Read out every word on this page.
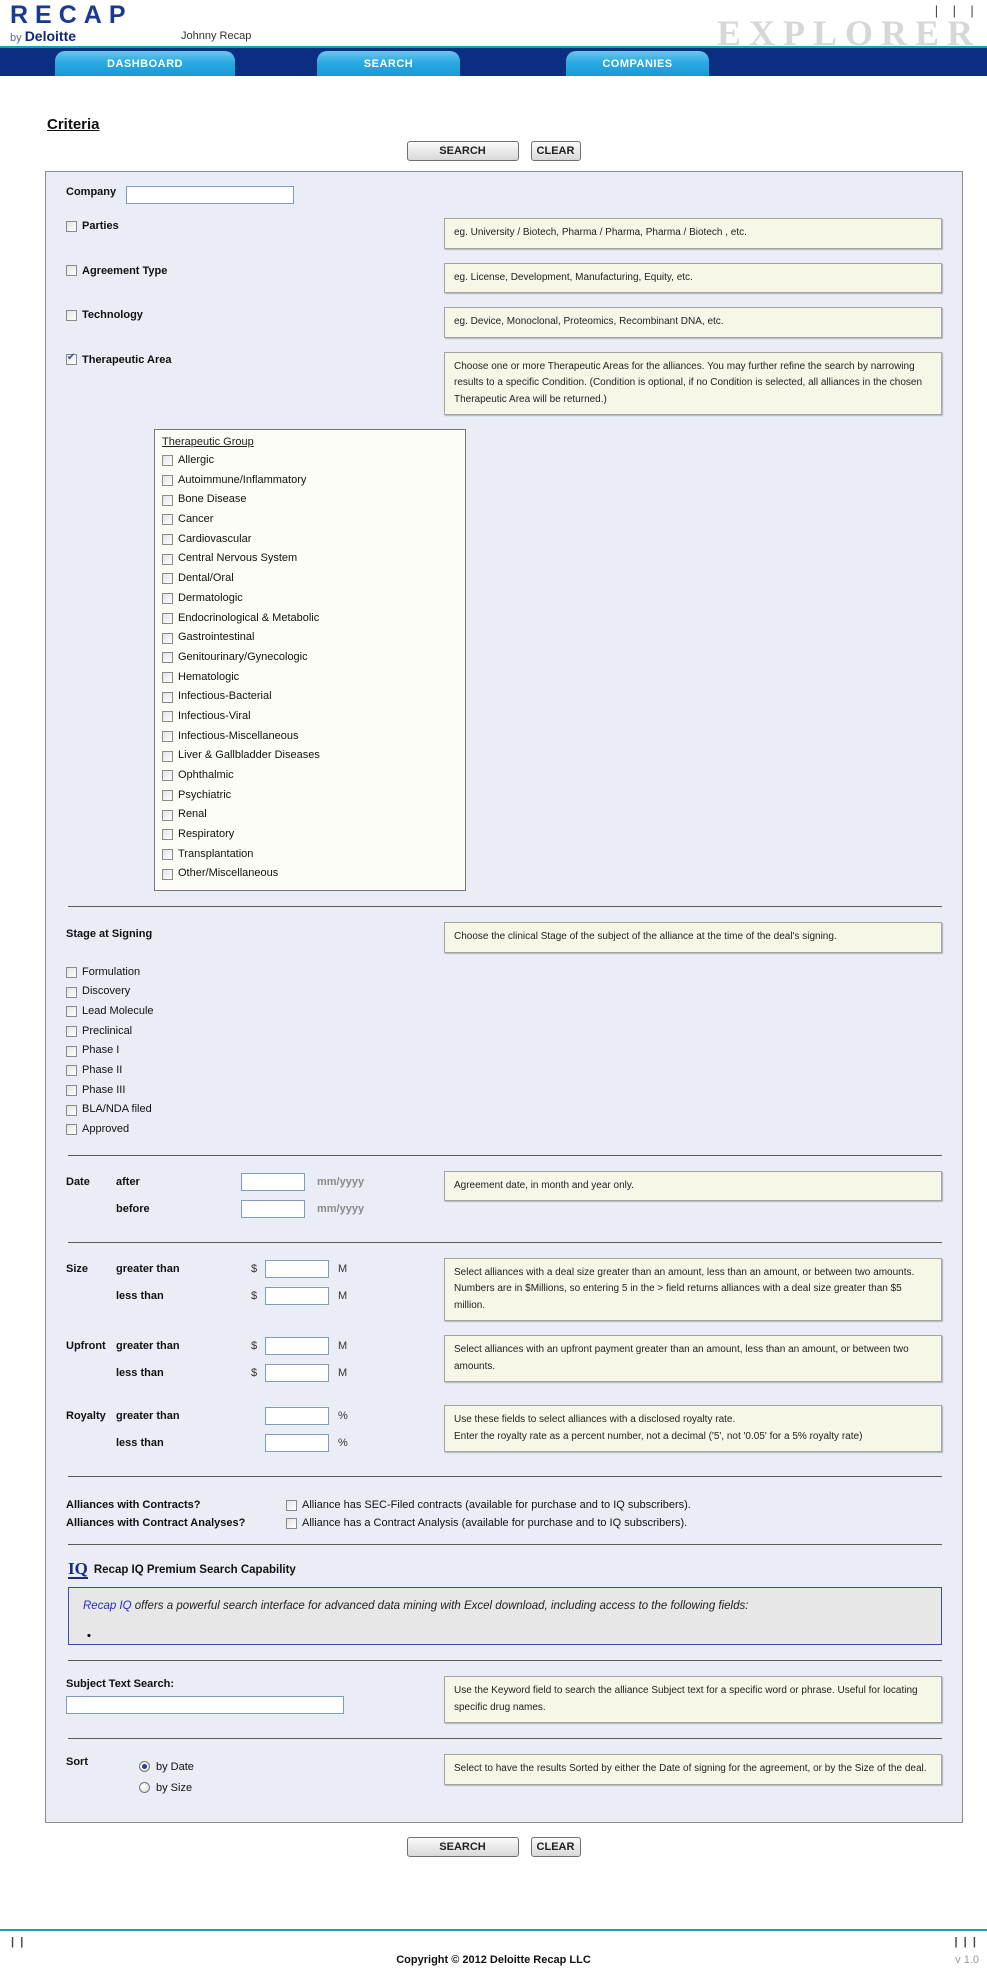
RECAP
by Deloitte	Johnny Recap	EXPLORER
|  |  |
DASHBOARD	SEARCH	COMPANIES
Criteria
SEARCH	CLEAR
Company
Parties
eg. University / Biotech, Pharma / Pharma, Pharma / Biotech , etc.
Agreement Type
eg. License, Development, Manufacturing, Equity, etc.
Technology
eg. Device, Monoclonal, Proteomics, Recombinant DNA, etc.
✔
Therapeutic Area
Choose one or more Therapeutic Areas for the alliances. You may further refine the search by narrowing results to a specific Condition. (Condition is optional, if no Condition is selected, all alliances in the chosen Therapeutic Area will be returned.)
Therapeutic Group
Allergic
Autoimmune/Inflammatory
Bone Disease
Cancer
Cardiovascular
Central Nervous System
Dental/Oral
Dermatologic
Endocrinological & Metabolic
Gastrointestinal
Genitourinary/Gynecologic
Hematologic
Infectious-Bacterial
Infectious-Viral
Infectious-Miscellaneous
Liver & Gallbladder Diseases
Ophthalmic
Psychiatric
Renal
Respiratory
Transplantation
Other/Miscellaneous
Stage at Signing	Choose the clinical Stage of the subject of the alliance at the time of the deal's signing.
Formulation
Discovery
Lead Molecule
Preclinical
Phase I
Phase II
Phase III
BLA/NDA filed
Approved
Date	after	mm/yyyy
before	mm/yyyy
Agreement date, in month and year only.
Size	greater than	$	M
less than	$	M
Select alliances with a deal size greater than an amount, less than an amount, or between two amounts. Numbers are in $Millions, so entering 5 in the > field returns alliances with a deal size greater than $5 million.
Upfront greater than	$	M
less than	$	M
Select alliances with an upfront payment greater than an amount, less than an amount, or between two amounts.
Royalty greater than	%
less than	%
Use these fields to select alliances with a disclosed royalty rate.
Enter the royalty rate as a percent number, not a decimal ('5', not '0.05' for a 5% royalty rate)
Alliances with Contracts?	Alliance has SEC-Filed contracts (available for purchase and to IQ subscribers).
Alliances with Contract Analyses?	Alliance has a Contract Analysis (available for purchase and to IQ subscribers).
IQ Recap IQ Premium Search Capability
Recap IQ offers a powerful search interface for advanced data mining with Excel download, including access to the following fields:
Subject Text Search:
Use the Keyword field to search the alliance Subject text for a specific word or phrase. Useful for locating specific drug names.
Sort	by Date
by Size
Select to have the results Sorted by either the Date of signing for the agreement, or by the Size of the deal.
SEARCH	CLEAR
|  |
|  |  |
Copyright © 2012 Deloitte Recap LLC	v 1.0
